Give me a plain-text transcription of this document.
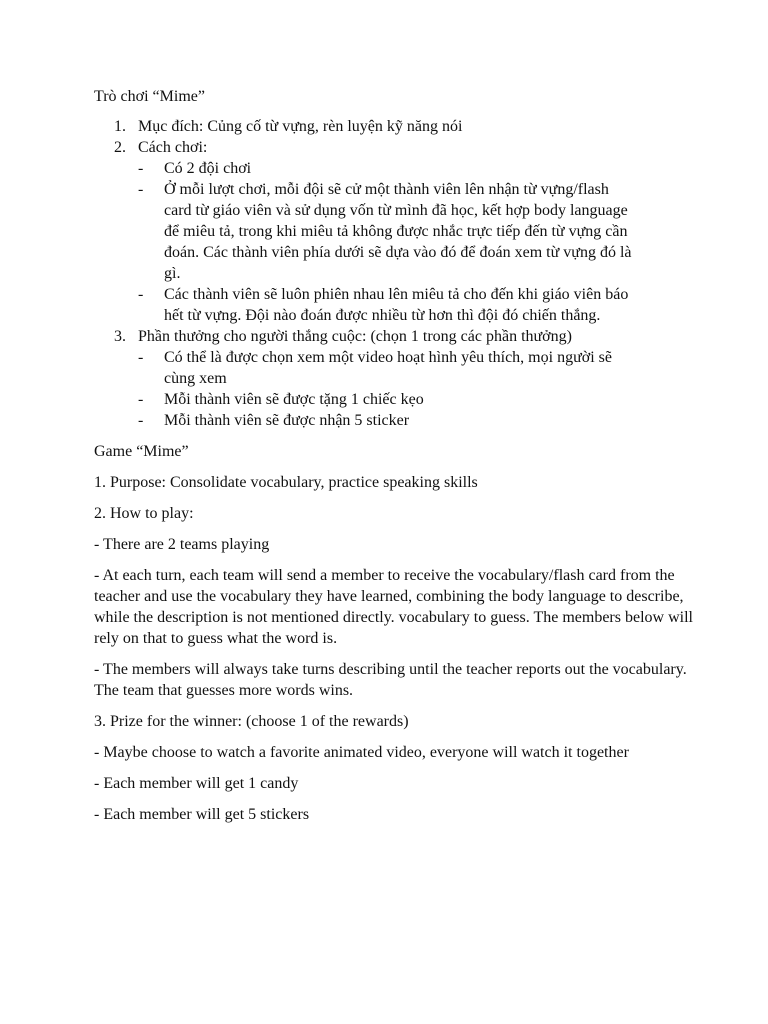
Trò chơi “Mime”

1. Mục đích: Củng cố từ vựng, rèn luyện kỹ năng nói
2. Cách chơi:
- Có 2 đội chơi
- Ở mỗi lượt chơi, mỗi đội sẽ cử một thành viên lên nhận từ vựng/flash card từ giáo viên và sử dụng vốn từ mình đã học, kết hợp body language để miêu tả, trong khi miêu tả không được nhắc trực tiếp đến từ vựng cần đoán. Các thành viên phía dưới sẽ dựa vào đó để đoán xem từ vựng đó là gì.
- Các thành viên sẽ luôn phiên nhau lên miêu tả cho đến khi giáo viên báo hết từ vựng. Đội nào đoán được nhiều từ hơn thì đội đó chiến thắng.
3. Phần thưởng cho người thắng cuộc: (chọn 1 trong các phần thưởng)
- Có thể là được chọn xem một video hoạt hình yêu thích, mọi người sẽ cùng xem
- Mỗi thành viên sẽ được tặng 1 chiếc kẹo
- Mỗi thành viên sẽ được nhận 5 sticker

Game “Mime”

1. Purpose: Consolidate vocabulary, practice speaking skills

2. How to play:

- There are 2 teams playing

- At each turn, each team will send a member to receive the vocabulary/flash card from the teacher and use the vocabulary they have learned, combining the body language to describe, while the description is not mentioned directly. vocabulary to guess. The members below will rely on that to guess what the word is.

- The members will always take turns describing until the teacher reports out the vocabulary. The team that guesses more words wins.

3. Prize for the winner: (choose 1 of the rewards)

- Maybe choose to watch a favorite animated video, everyone will watch it together

- Each member will get 1 candy

- Each member will get 5 stickers
